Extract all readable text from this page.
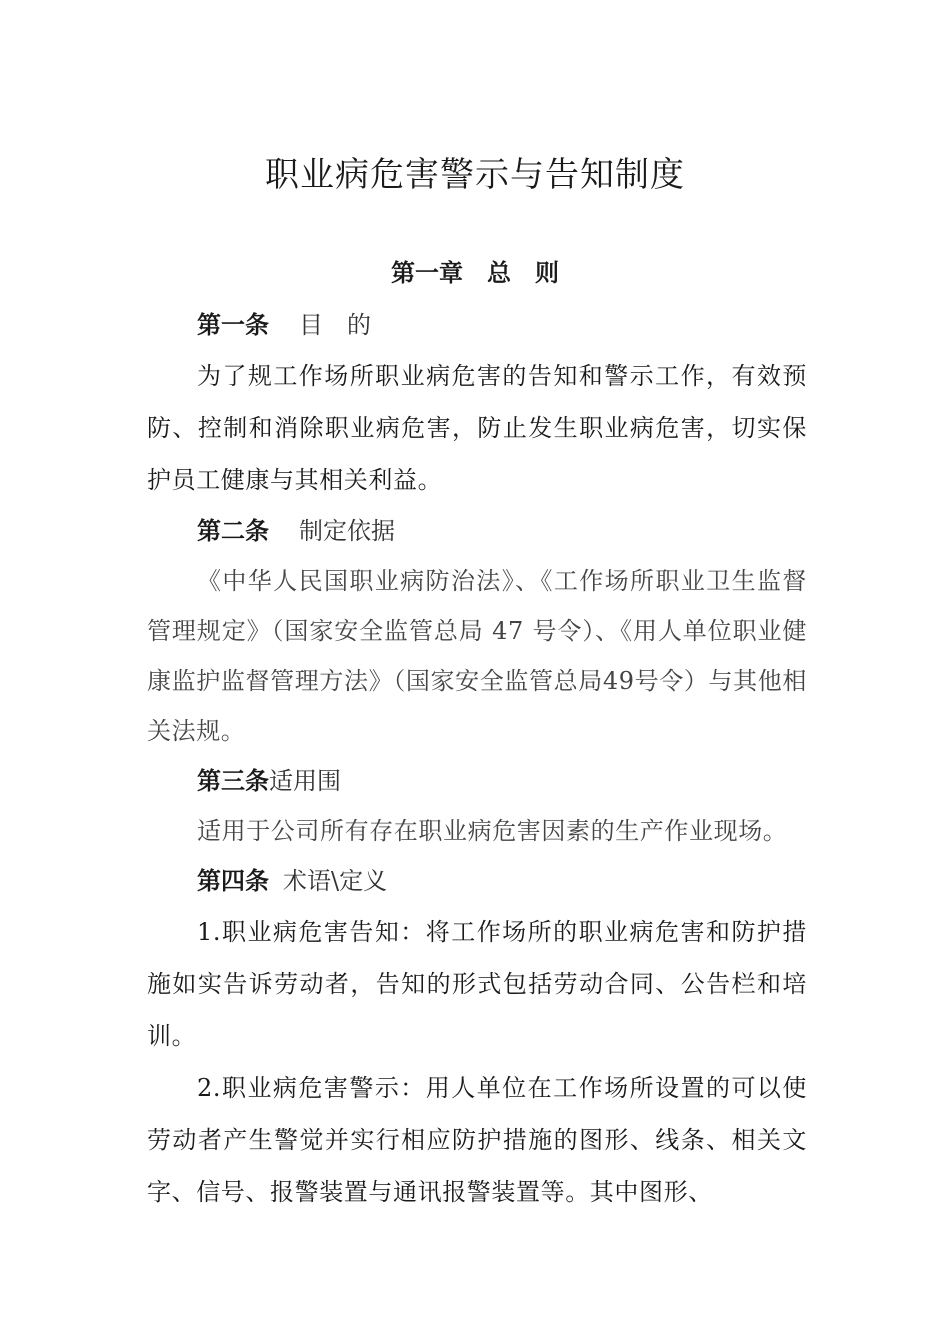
职业病危害警示与告知制度
第一章 总　则
第一条 目　的

为了规工作场所职业病危害的告知和警示工作，有效预防、控制和消除职业病危害，防止发生职业病危害，切实保护员工健康与其相关利益。

第二条 制定依据

《中华人民国职业病防治法》、《工作场所职业卫生监督管理规定》（国家安全监管总局 47 号令）、《用人单位职业健康监护监督管理方法》（国家安全监管总局49号令）与其他相关法规。

第三条适用围

适用于公司所有存在职业病危害因素的生产作业现场。

第四条 术语\定义

1.职业病危害告知：将工作场所的职业病危害和防护措施如实告诉劳动者，告知的形式包括劳动合同、公告栏和培训。

2.职业病危害警示：用人单位在工作场所设置的可以使劳动者产生警觉并实行相应防护措施的图形、线条、相关文字、信号、报警装置与通讯报警装置等。其中图形、
